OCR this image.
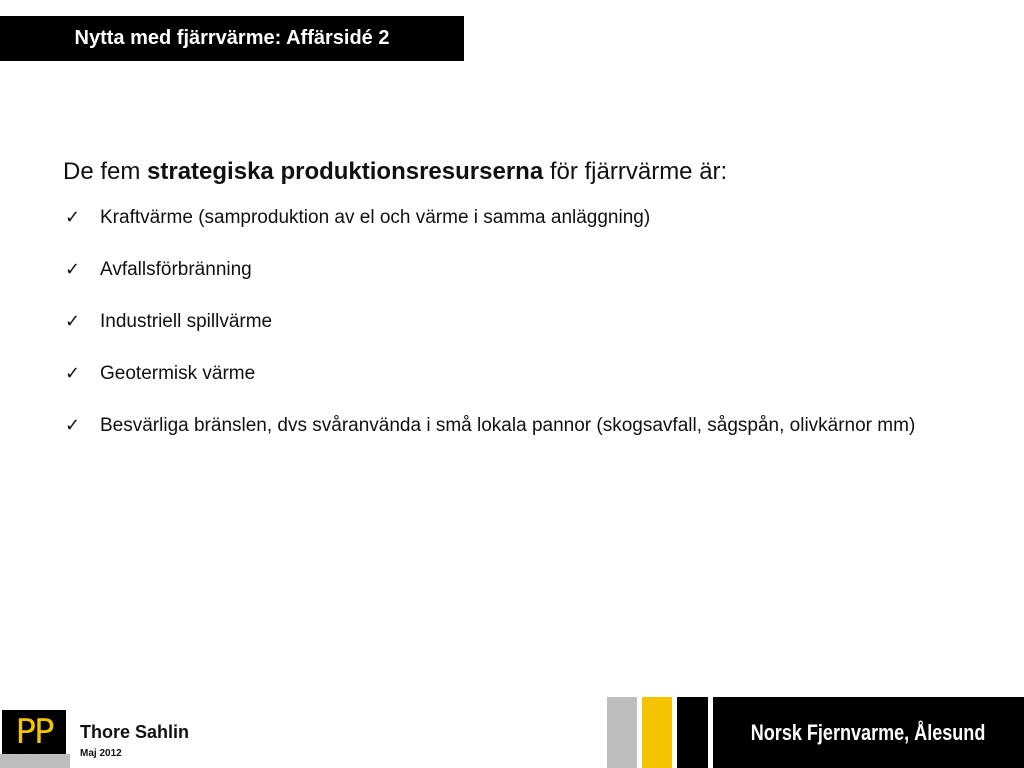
Nytta med fjärrvärme: Affärsidé 2
De fem strategiska produktionsresurserna för fjärrvärme är:
✓ Kraftvärme (samproduktion av el och värme i samma anläggning)
✓ Avfallsförbränning
✓ Industriell spillvärme
✓ Geotermisk värme
✓ Besvärliga bränslen, dvs svåranvända i små lokala pannor (skogsavfall, sågspån, olivkärnor mm)
PP	Thore Sahlin
Maj 2012
Norsk Fjernvarme, Ålesund
